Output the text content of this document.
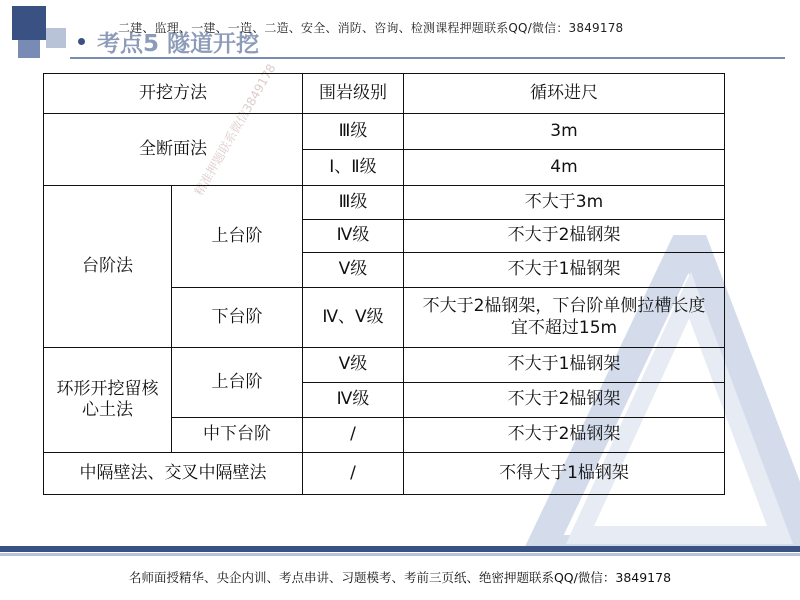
考点5 隧道开挖
二建、监理、一建、一造、二造、安全、消防、咨询、检测课程押题联系QQ/微信：3849178
精准押题联系微信3849178
开挖方法		围岩级别	循环进尺
全断面法		Ⅲ级	3m
		Ⅰ、Ⅱ级	4m
台阶法	上台阶	Ⅲ级	不大于3m
		Ⅳ级	不大于2榀钢架
		Ⅴ级	不大于1榀钢架
	下台阶	Ⅳ、Ⅴ级	不大于2榀钢架，下台阶单侧拉槽长度宜不超过15m
环形开挖留核心土法	上台阶	Ⅴ级	不大于1榀钢架
		Ⅳ级	不大于2榀钢架
	中下台阶	/	不大于2榀钢架
中隔壁法、交叉中隔壁法		/	不得大于1榀钢架
名师面授精华、央企内训、考点串讲、习题模考、考前三页纸、绝密押题联系QQ/微信：3849178
